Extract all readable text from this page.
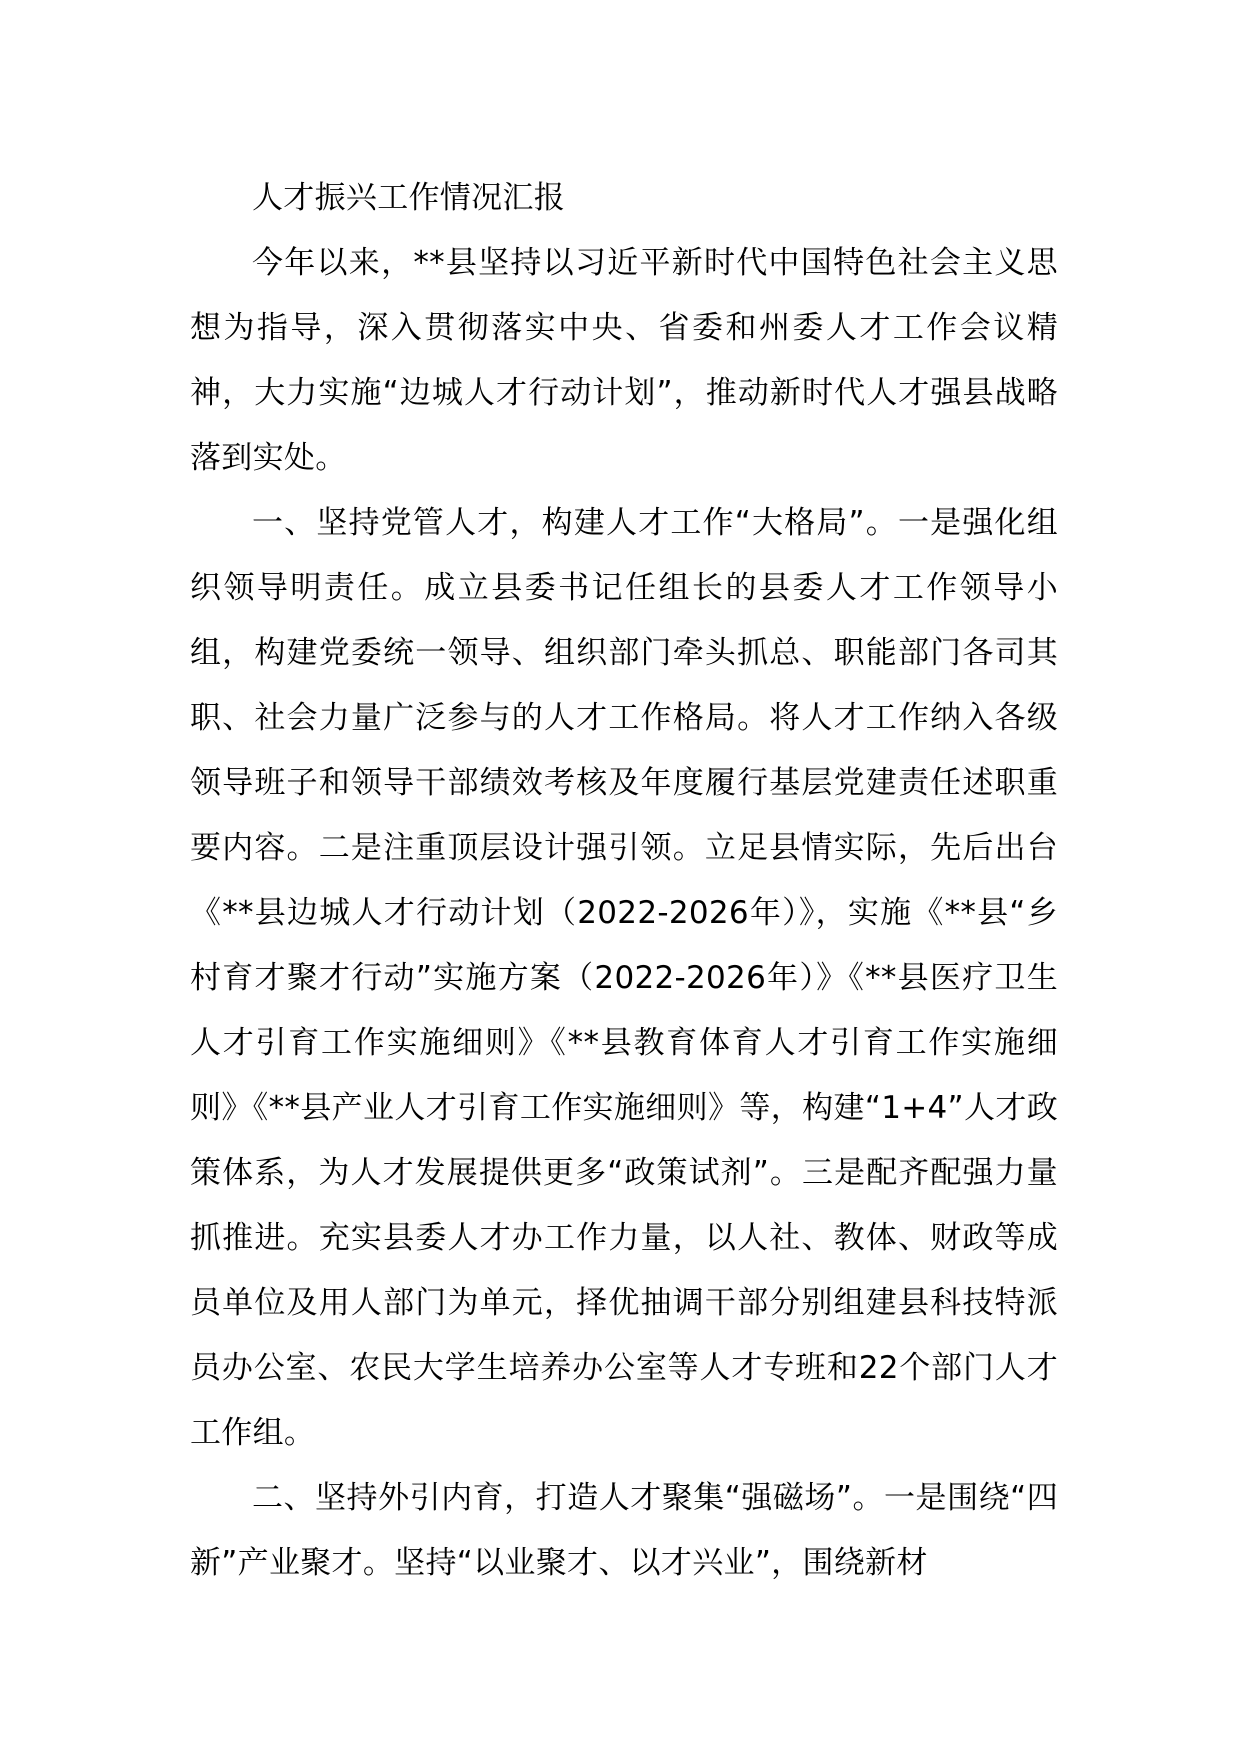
人才振兴工作情况汇报

今年以来，**县坚持以习近平新时代中国特色社会主义思想为指导，深入贯彻落实中央、省委和州委人才工作会议精神，大力实施“边城人才行动计划”，推动新时代人才强县战略落到实处。

一、坚持党管人才，构建人才工作“大格局”。一是强化组织领导明责任。成立县委书记任组长的县委人才工作领导小组，构建党委统一领导、组织部门牵头抓总、职能部门各司其职、社会力量广泛参与的人才工作格局。将人才工作纳入各级领导班子和领导干部绩效考核及年度履行基层党建责任述职重要内容。二是注重顶层设计强引领。立足县情实际，先后出台《**县边城人才行动计划（2022-2026年）》，实施《**县“乡村育才聚才行动”实施方案（2022-2026年）》《**县医疗卫生人才引育工作实施细则》《**县教育体育人才引育工作实施细则》《**县产业人才引育工作实施细则》等，构建“1+4”人才政策体系，为人才发展提供更多“政策试剂”。三是配齐配强力量抓推进。充实县委人才办工作力量，以人社、教体、财政等成员单位及用人部门为单元，择优抽调干部分别组建县科技特派员办公室、农民大学生培养办公室等人才专班和22个部门人才工作组。

二、坚持外引内育，打造人才聚集“强磁场”。一是围绕“四新”产业聚才。坚持“以业聚才、以才兴业”，围绕新材
